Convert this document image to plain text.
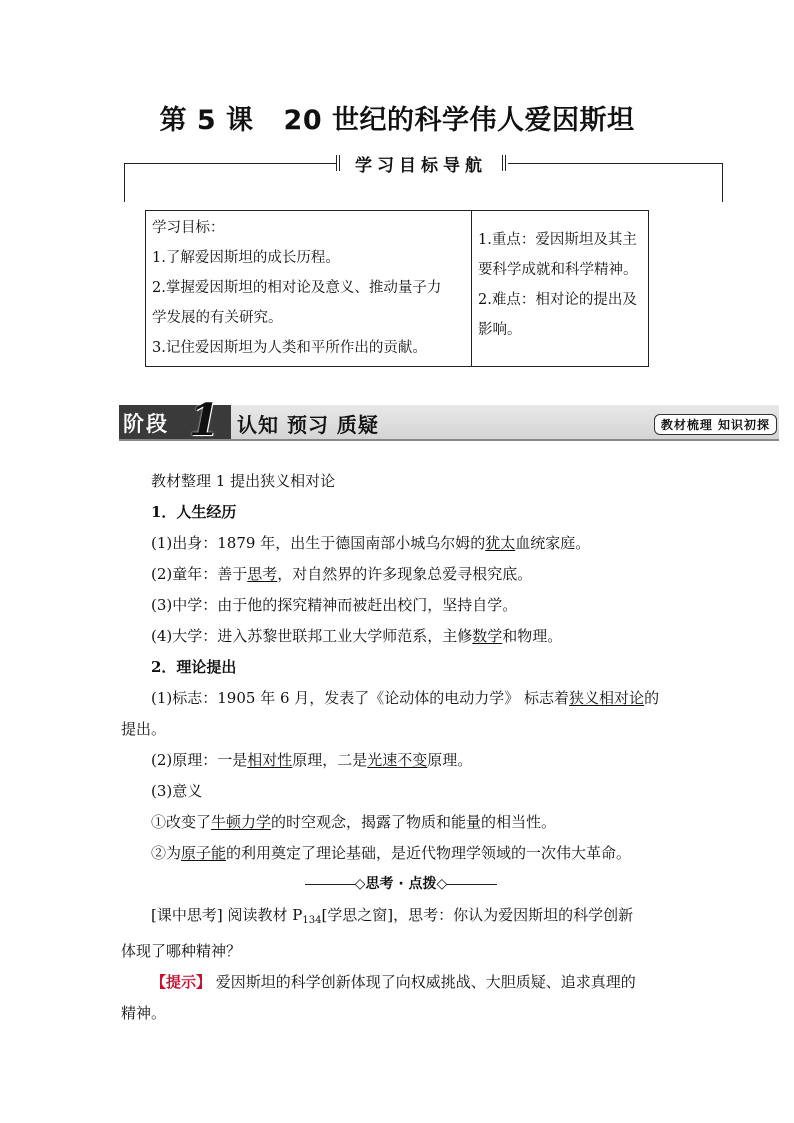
第 5 课 20 世纪的科学伟人爱因斯坦
学习目标导航
学习目标：
1.了解爱因斯坦的成长历程。
2.掌握爱因斯坦的相对论及意义、推动量子力
学发展的有关研究。
3.记住爱因斯坦为人类和平所作出的贡献。
1.重点：爱因斯坦及其主
要科学成就和科学精神。
2.难点：相对论的提出及
影响。
阶段 1 认知 预习 质疑	教材梳理 知识初探

教材整理 1 提出狭义相对论

1．人生经历

(1)出身：1879 年，出生于德国南部小城乌尔姆的犹太血统家庭。

(2)童年：善于思考，对自然界的许多现象总爱寻根究底。

(3)中学：由于他的探究精神而被赶出校门，坚持自学。

(4)大学：进入苏黎世联邦工业大学师范系，主修数学和物理。

2．理论提出

(1)标志：1905 年 6 月，发表了《论动体的电动力学》 标志着狭义相对论的

提出。

(2)原理：一是相对性原理，二是光速不变原理。

(3)意义

①改变了牛顿力学的时空观念，揭露了物质和能量的相当性。

②为原子能的利用奠定了理论基础，是近代物理学领域的一次伟大革命。

◇思考 · 点拨◇

[课中思考] 阅读教材 $P_{134}$[学思之窗]，思考：你认为爱因斯坦的科学创新

体现了哪种精神？

【提示】 爱因斯坦的科学创新体现了向权威挑战、大胆质疑、追求真理的

精神。
